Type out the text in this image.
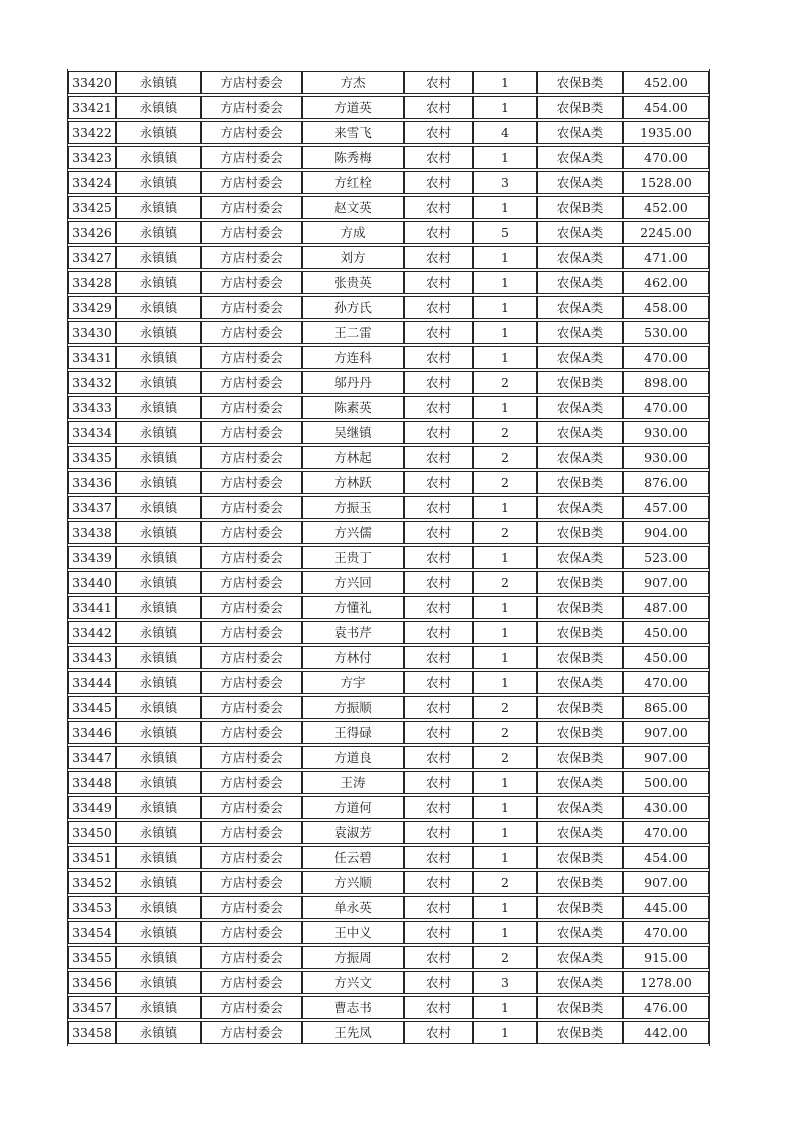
33420	永镇镇	方店村委会	方杰	农村	1	农保B类	452.00
33421	永镇镇	方店村委会	方道英	农村	1	农保B类	454.00
33422	永镇镇	方店村委会	来雪飞	农村	4	农保A类	1935.00
33423	永镇镇	方店村委会	陈秀梅	农村	1	农保A类	470.00
33424	永镇镇	方店村委会	方红栓	农村	3	农保A类	1528.00
33425	永镇镇	方店村委会	赵文英	农村	1	农保B类	452.00
33426	永镇镇	方店村委会	方成	农村	5	农保A类	2245.00
33427	永镇镇	方店村委会	刘方	农村	1	农保A类	471.00
33428	永镇镇	方店村委会	张贵英	农村	1	农保A类	462.00
33429	永镇镇	方店村委会	孙方氏	农村	1	农保A类	458.00
33430	永镇镇	方店村委会	王二雷	农村	1	农保A类	530.00
33431	永镇镇	方店村委会	方连科	农村	1	农保A类	470.00
33432	永镇镇	方店村委会	邬丹丹	农村	2	农保B类	898.00
33433	永镇镇	方店村委会	陈素英	农村	1	农保A类	470.00
33434	永镇镇	方店村委会	吴继镇	农村	2	农保A类	930.00
33435	永镇镇	方店村委会	方林起	农村	2	农保A类	930.00
33436	永镇镇	方店村委会	方林跃	农村	2	农保B类	876.00
33437	永镇镇	方店村委会	方振玉	农村	1	农保A类	457.00
33438	永镇镇	方店村委会	方兴儒	农村	2	农保B类	904.00
33439	永镇镇	方店村委会	王贵丁	农村	1	农保A类	523.00
33440	永镇镇	方店村委会	方兴回	农村	2	农保B类	907.00
33441	永镇镇	方店村委会	方懂礼	农村	1	农保B类	487.00
33442	永镇镇	方店村委会	袁书芹	农村	1	农保B类	450.00
33443	永镇镇	方店村委会	方林付	农村	1	农保B类	450.00
33444	永镇镇	方店村委会	方宇	农村	1	农保A类	470.00
33445	永镇镇	方店村委会	方振顺	农村	2	农保B类	865.00
33446	永镇镇	方店村委会	王得碌	农村	2	农保B类	907.00
33447	永镇镇	方店村委会	方道良	农村	2	农保B类	907.00
33448	永镇镇	方店村委会	王涛	农村	1	农保A类	500.00
33449	永镇镇	方店村委会	方道何	农村	1	农保A类	430.00
33450	永镇镇	方店村委会	袁淑芳	农村	1	农保A类	470.00
33451	永镇镇	方店村委会	任云碧	农村	1	农保B类	454.00
33452	永镇镇	方店村委会	方兴顺	农村	2	农保B类	907.00
33453	永镇镇	方店村委会	单永英	农村	1	农保B类	445.00
33454	永镇镇	方店村委会	王中义	农村	1	农保A类	470.00
33455	永镇镇	方店村委会	方振周	农村	2	农保A类	915.00
33456	永镇镇	方店村委会	方兴文	农村	3	农保A类	1278.00
33457	永镇镇	方店村委会	曹志书	农村	1	农保B类	476.00
33458	永镇镇	方店村委会	王先凤	农村	1	农保B类	442.00
